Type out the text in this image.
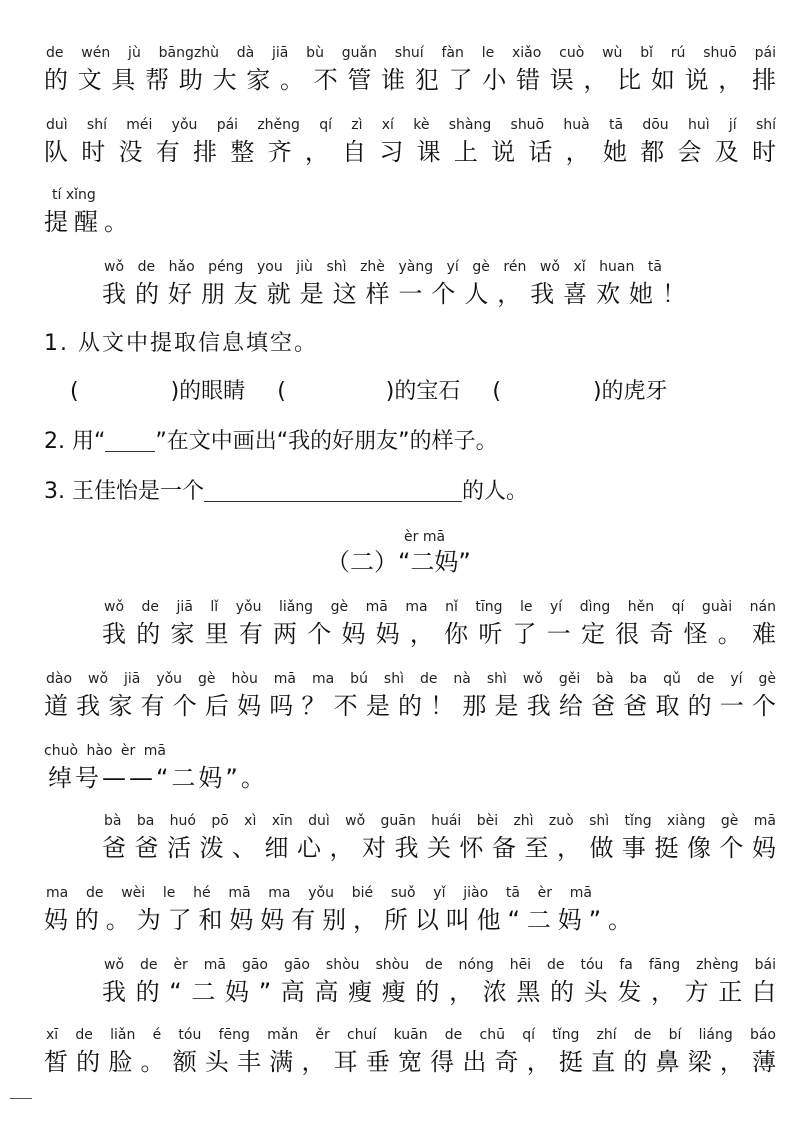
de wén jù bāngzhù dà jiā bù guǎn shuí fàn le xiǎo cuò wù bǐ rú shuō pái
的文具帮助大家。不管谁犯了小错误，比如说，排
duì shí méi yǒu pái zhěng qí zì xí kè shàng shuō huà tā dōu huì jí shí
队时没有排整齐，自习课上说话，她都会及时
tí xǐng
提醒。
wǒ de hǎo péng you jiù shì zhè yàng yí gè rén wǒ xǐ huan tā
我的好朋友就是这样一个人，我喜欢她！
1. 从文中提取信息填空。
(	)的眼睛 (	)的宝石 (	)的虎牙
2. 用“ ”在文中画出“我的好朋友”的样子。
3. 王佳怡是一个	的人。
èr mā
（二）“二妈”
wǒ de jiā lǐ yǒu liǎng gè mā ma nǐ tīng le yí dìng hěn qí guài nán
我的家里有两个妈妈，你听了一定很奇怪。难
dào wǒ jiā yǒu gè hòu mā ma bú shì de nà shì wǒ gěi bà ba qǔ de yí gè
道我家有个后妈吗？不是的！那是我给爸爸取的一个
chuò hào èr mā
绰号——“二妈”。
bà ba huó pō xì xīn duì wǒ guān huái bèi zhì zuò shì tǐng xiàng gè mā
爸爸活泼、细心，对我关怀备至，做事挺像个妈
ma de wèi le hé mā ma yǒu bié suǒ yǐ jiào tā èr mā
妈的。为了和妈妈有别，所以叫他“二妈”。
wǒ de èr mā gāo gāo shòu shòu de nóng hēi de tóu fa fāng zhèng bái
我的“二妈”高高瘦瘦的，浓黑的头发，方正白
xī de liǎn é tóu fēng mǎn ěr chuí kuān de chū qí tǐng zhí de bí liáng báo
皙的脸。额头丰满，耳垂宽得出奇，挺直的鼻梁，薄
